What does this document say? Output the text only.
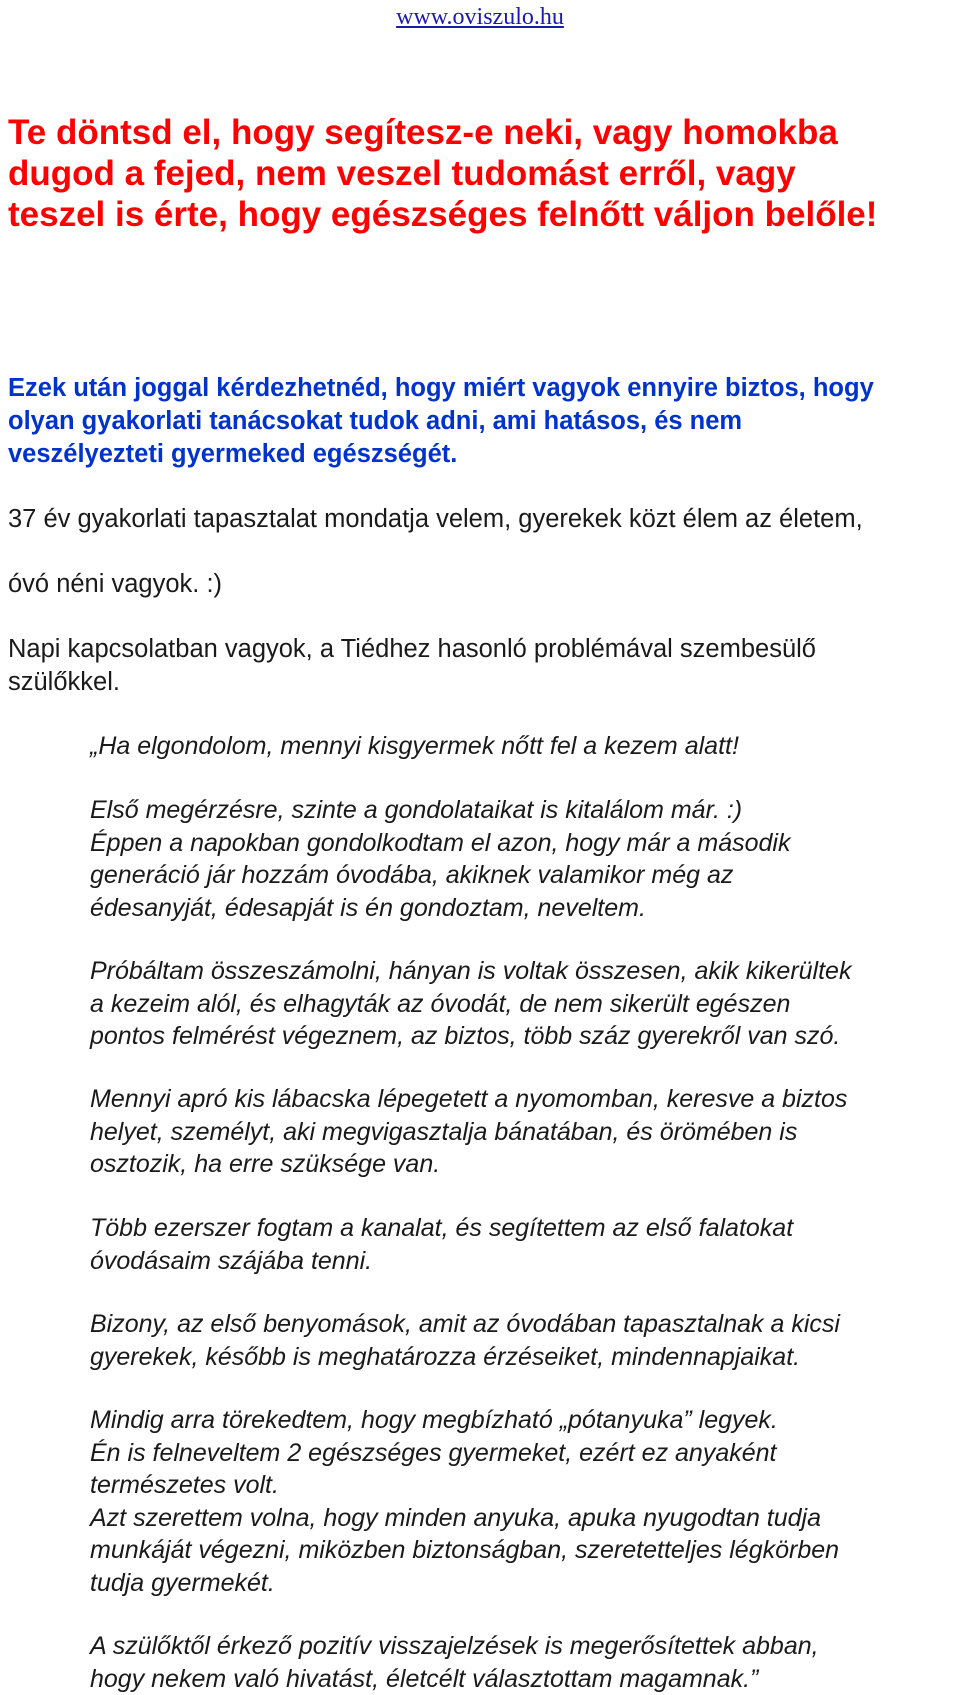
www.oviszulo.hu
Te döntsd el, hogy segítesz-e neki, vagy homokba
dugod a fejed, nem veszel tudomást erről, vagy
teszel is érte, hogy egészséges felnőtt váljon belőle!
Ezek után joggal kérdezhetnéd, hogy miért vagyok ennyire biztos, hogy
olyan gyakorlati tanácsokat tudok adni, ami hatásos, és nem
veszélyezteti gyermeked egészségét.
37 év gyakorlati tapasztalat mondatja velem, gyerekek közt élem az életem,
óvó néni vagyok. :)
Napi kapcsolatban vagyok, a Tiédhez hasonló problémával szembesülő
szülőkkel.
„Ha elgondolom, mennyi kisgyermek nőtt fel a kezem alatt!
Első megérzésre, szinte a gondolataikat is kitalálom már. :)
Éppen a napokban gondolkodtam el azon, hogy már a második
generáció jár hozzám óvodába, akiknek valamikor még az
édesanyját, édesapját is én gondoztam, neveltem.
Próbáltam összeszámolni, hányan is voltak összesen, akik kikerültek
a kezeim alól, és elhagyták az óvodát, de nem sikerült egészen
pontos felmérést végeznem, az biztos, több száz gyerekről van szó.
Mennyi apró kis lábacska lépegetett a nyomomban, keresve a biztos
helyet, személyt, aki megvigasztalja bánatában, és örömében is
osztozik, ha erre szüksége van.
Több ezerszer fogtam a kanalat, és segítettem az első falatokat
óvodásaim szájába tenni.
Bizony, az első benyomások, amit az óvodában tapasztalnak a kicsi
gyerekek, később is meghatározza érzéseiket, mindennapjaikat.
Mindig arra törekedtem, hogy megbízható „pótanyuka” legyek.
Én is felneveltem 2 egészséges gyermeket, ezért ez anyaként
természetes volt.
Azt szerettem volna, hogy minden anyuka, apuka nyugodtan tudja
munkáját végezni, miközben biztonságban, szeretetteljes légkörben
tudja gyermekét.
A szülőktől érkező pozitív visszajelzések is megerősítettek abban,
hogy nekem való hivatást, életcélt választottam magamnak.”
